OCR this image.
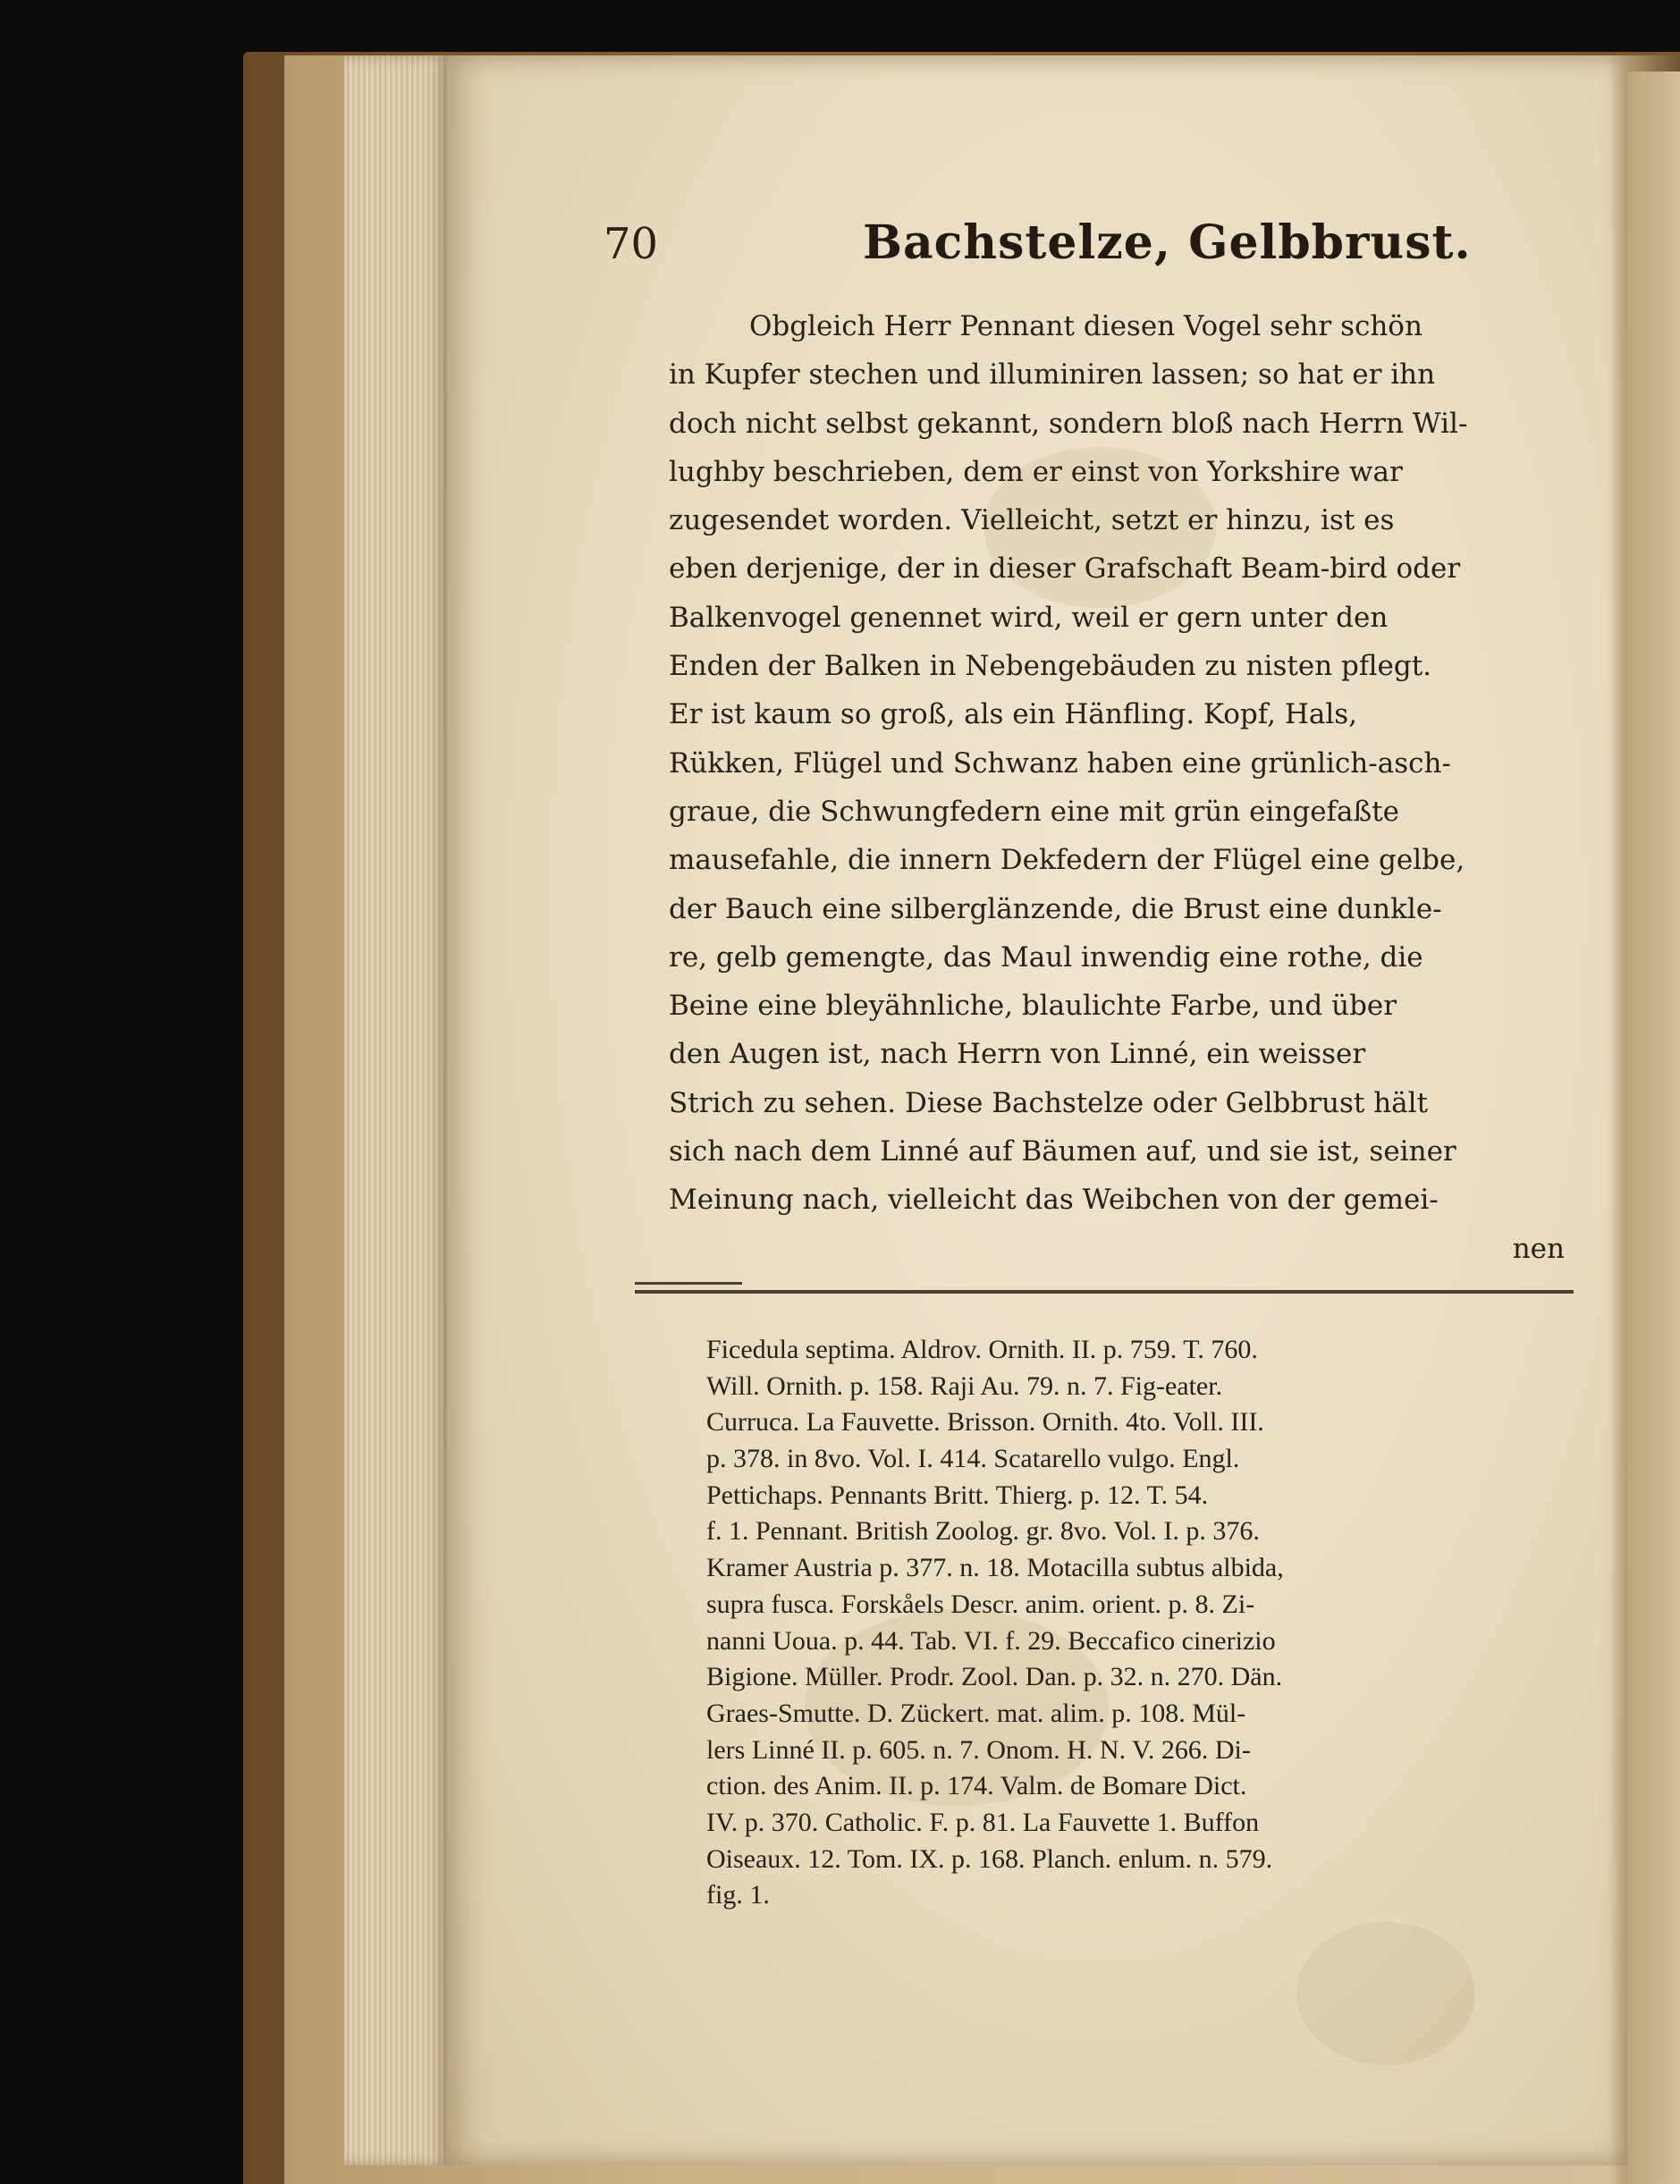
70	Bachstelze, Gelbbrust.
Obgleich Herr Pennant diesen Vogel sehr schön
in Kupfer stechen und illuminiren lassen; so hat er ihn
doch nicht selbst gekannt, sondern bloß nach Herrn Wil-
lughby beschrieben, dem er einst von Yorkshire war
zugesendet worden. Vielleicht, setzt er hinzu, ist es
eben derjenige, der in dieser Grafschaft Beam-bird oder
Balkenvogel genennet wird, weil er gern unter den
Enden der Balken in Nebengebäuden zu nisten pflegt.
Er ist kaum so groß, als ein Hänfling. Kopf, Hals,
Rükken, Flügel und Schwanz haben eine grünlich-asch-
graue, die Schwungfedern eine mit grün eingefaßte
mausefahle, die innern Dekfedern der Flügel eine gelbe,
der Bauch eine silberglänzende, die Brust eine dunkle-
re, gelb gemengte, das Maul inwendig eine rothe, die
Beine eine bleyähnliche, blaulichte Farbe, und über
den Augen ist, nach Herrn von Linné, ein weisser
Strich zu sehen. Diese Bachstelze oder Gelbbrust hält
sich nach dem Linné auf Bäumen auf, und sie ist, seiner
Meinung nach, vielleicht das Weibchen von der gemei-
nen
Ficedula septima. Aldrov. Ornith. II. p. 759. T. 760.
Will. Ornith. p. 158. Raji Au. 79. n. 7. Fig-eater.
Curruca. La Fauvette. Brisson. Ornith. 4to. Voll. III.
p. 378. in 8vo. Vol. I. 414. Scatarello vulgo. Engl.
Pettichaps. Pennants Britt. Thierg. p. 12. T. 54.
f. 1. Pennant. British Zoolog. gr. 8vo. Vol. I. p. 376.
Kramer Austria p. 377. n. 18. Motacilla subtus albida,
supra fusca. Forskåels Descr. anim. orient. p. 8. Zi-
nanni Uoua. p. 44. Tab. VI. f. 29. Beccafico cinerizio
Bigione. Müller. Prodr. Zool. Dan. p. 32. n. 270. Dän.
Graes-Smutte. D. Zückert. mat. alim. p. 108. Mül-
lers Linné II. p. 605. n. 7. Onom. H. N. V. 266. Di-
ction. des Anim. II. p. 174. Valm. de Bomare Dict.
IV. p. 370. Catholic. F. p. 81. La Fauvette 1. Buffon
Oiseaux. 12. Tom. IX. p. 168. Planch. enlum. n. 579.
fig. 1.
